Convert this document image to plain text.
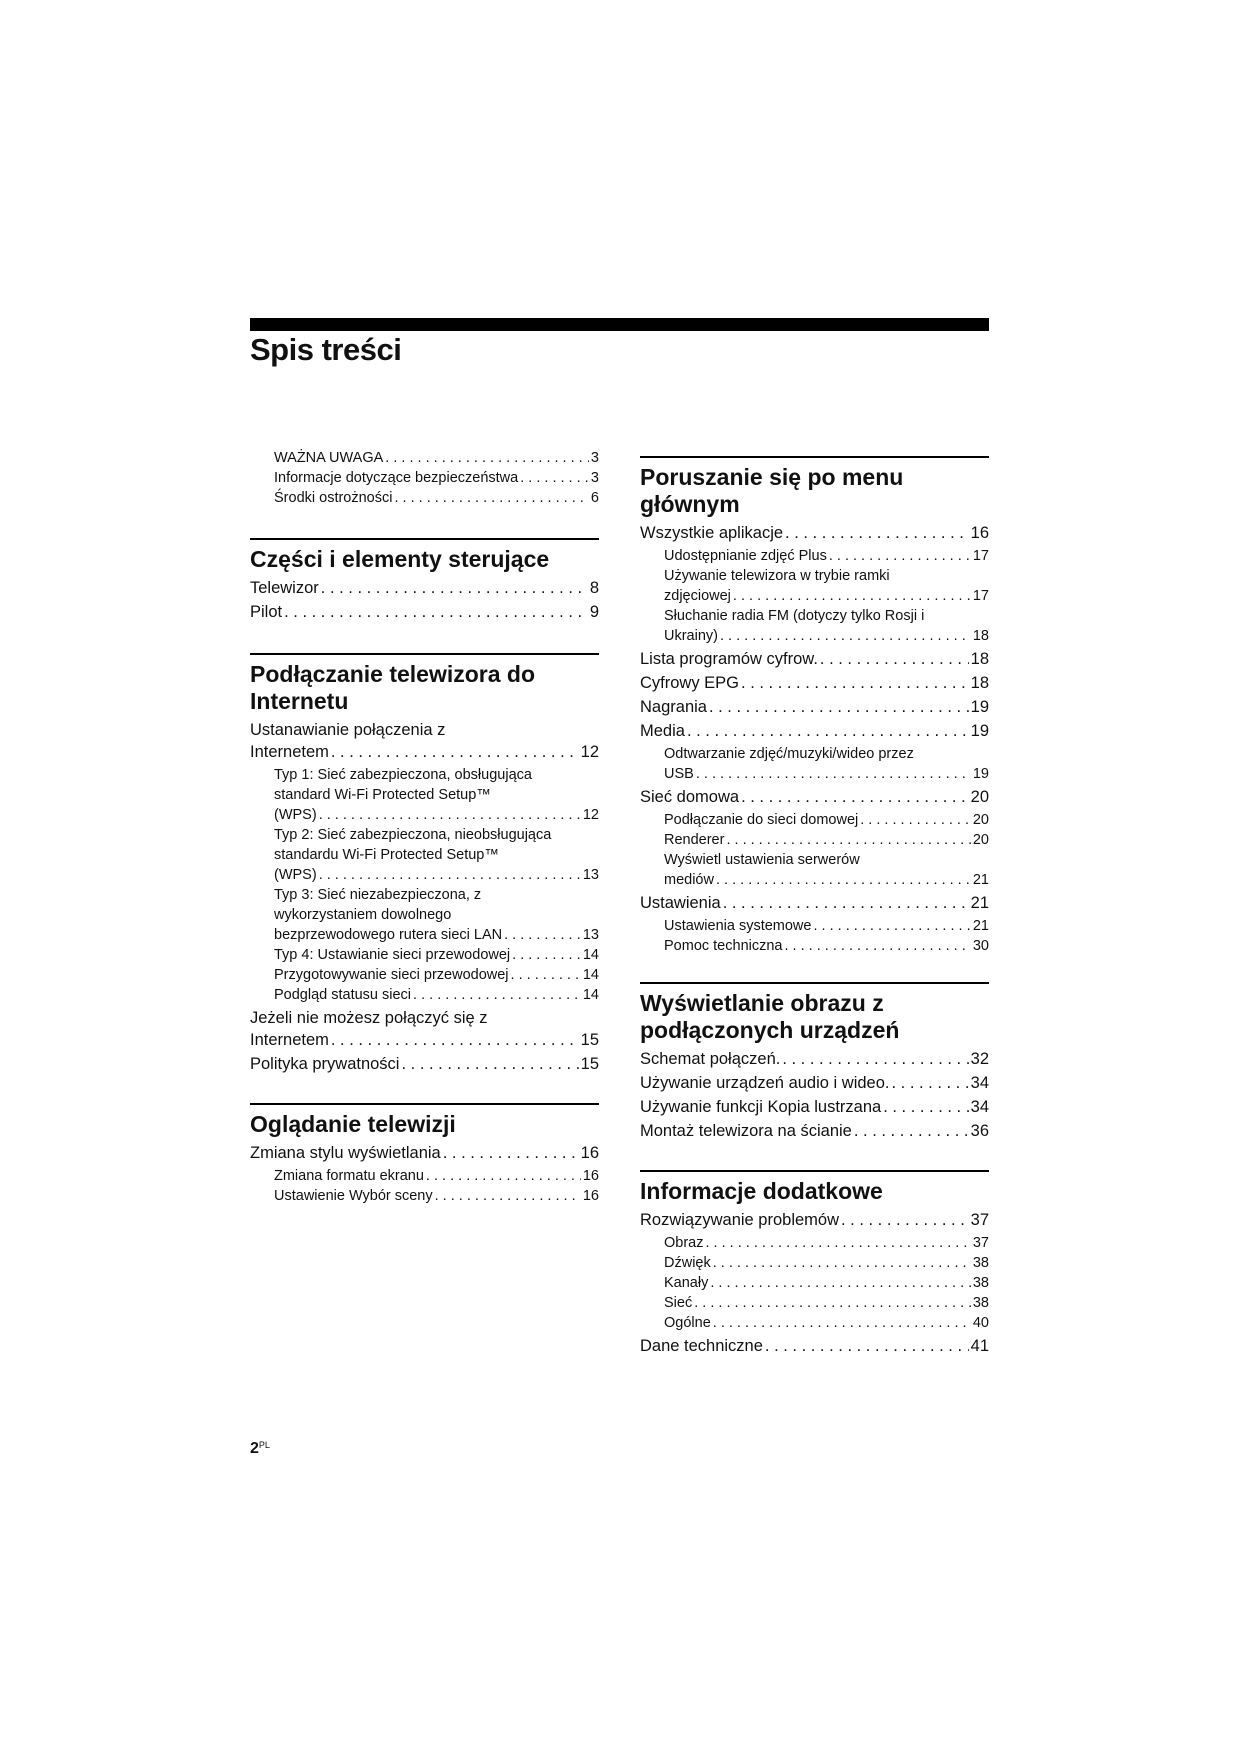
Spis treści
WAŻNA UWAGA . . .	3
Informacje dotyczące bezpieczeństwa . . .	3
Środki ostrożności . . .	6
Części i elementy sterujące
Telewizor . . .	8
Pilot . . .	9
Podłączanie telewizora do
Internetu
Ustanawianie połączenia z
Internetem . . .	12
Typ 1: Sieć zabezpieczona, obsługująca
standard Wi-Fi Protected Setup™
(WPS) . . .	12
Typ 2: Sieć zabezpieczona, nieobsługująca
standardu Wi-Fi Protected Setup™
(WPS) . . .	13
Typ 3: Sieć niezabezpieczona, z
wykorzystaniem dowolnego
bezprzewodowego rutera sieci LAN . . .	13
Typ 4: Ustawianie sieci przewodowej . . .	14
Przygotowywanie sieci przewodowej . . .	14
Podgląd statusu sieci . . .	14
Jeżeli nie możesz połączyć się z
Internetem . . .	15
Polityka prywatności . . .	15
Oglądanie telewizji
Zmiana stylu wyświetlania . . .	16
Zmiana formatu ekranu . . .	16
Ustawienie Wybór sceny . . .	16
Poruszanie się po menu
głównym
Wszystkie aplikacje . . .	16
Udostępnianie zdjęć Plus . . .	17
Używanie telewizora w trybie ramki
zdjęciowej . . .	17
Słuchanie radia FM (dotyczy tylko Rosji i
Ukrainy) . . .	18
Lista programów cyfrow. . . .	18
Cyfrowy EPG . . .	18
Nagrania . . .	19
Media . . .	19
Odtwarzanie zdjęć/muzyki/wideo przez
USB . . .	19
Sieć domowa . . .	20
Podłączanie do sieci domowej . . .	20
Renderer . . .	20
Wyświetl ustawienia serwerów
mediów . . .	21
Ustawienia . . .	21
Ustawienia systemowe . . .	21
Pomoc techniczna . . .	30
Wyświetlanie obrazu z
podłączonych urządzeń
Schemat połączeń. . . .	32
Używanie urządzeń audio i wideo. . . .	34
Używanie funkcji Kopia lustrzana . . .	34
Montaż telewizora na ścianie . . .	36
Informacje dodatkowe
Rozwiązywanie problemów . . .	37
Obraz . . .	37
Dźwięk . . .	38
Kanały . . .	38
Sieć . . .	38
Ogólne . . .	40
Dane techniczne . . .	41
$2^{PL}$
